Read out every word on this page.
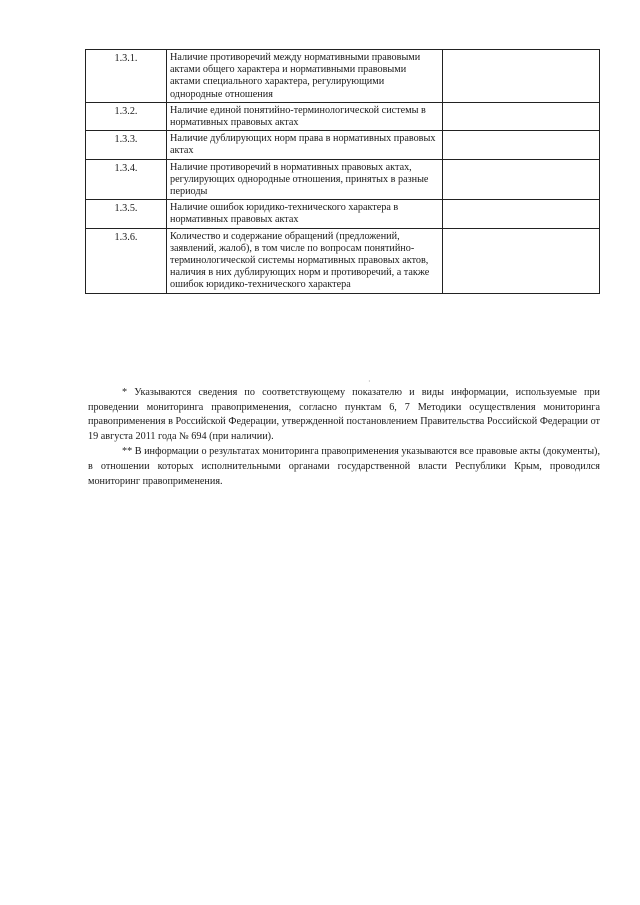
1.3.1.	Наличие противоречий между нормативными правовыми актами общего характера и нормативными правовыми актами специального характера, регулирующими однородные отношения	
1.3.2.	Наличие единой понятийно-терминологической системы в нормативных правовых актах	
1.3.3.	Наличие дублирующих норм права в нормативных правовых актах	
1.3.4.	Наличие противоречий в нормативных правовых актах, регулирующих однородные отношения, принятых в разные периоды	
1.3.5.	Наличие ошибок юридико-технического характера в нормативных правовых актах	
1.3.6.	Количество и содержание обращений (предложений, заявлений, жалоб), в том числе по вопросам понятийно-терминологической системы нормативных правовых актов, наличия в них дублирующих норм и противоречий, а также ошибок юридико-технического характера	
·

* Указываются сведения по соответствующему показателю и виды информации, используемые при проведении мониторинга правоприменения, согласно пунктам 6, 7 Методики осуществления мониторинга правоприменения в Российской Федерации, утвержденной постановлением Правительства Российской Федерации от 19 августа 2011 года № 694 (при наличии).

** В информации о результатах мониторинга правоприменения указываются все правовые акты (документы), в отношении которых исполнительными органами государственной власти Республики Крым, проводился мониторинг правоприменения.
